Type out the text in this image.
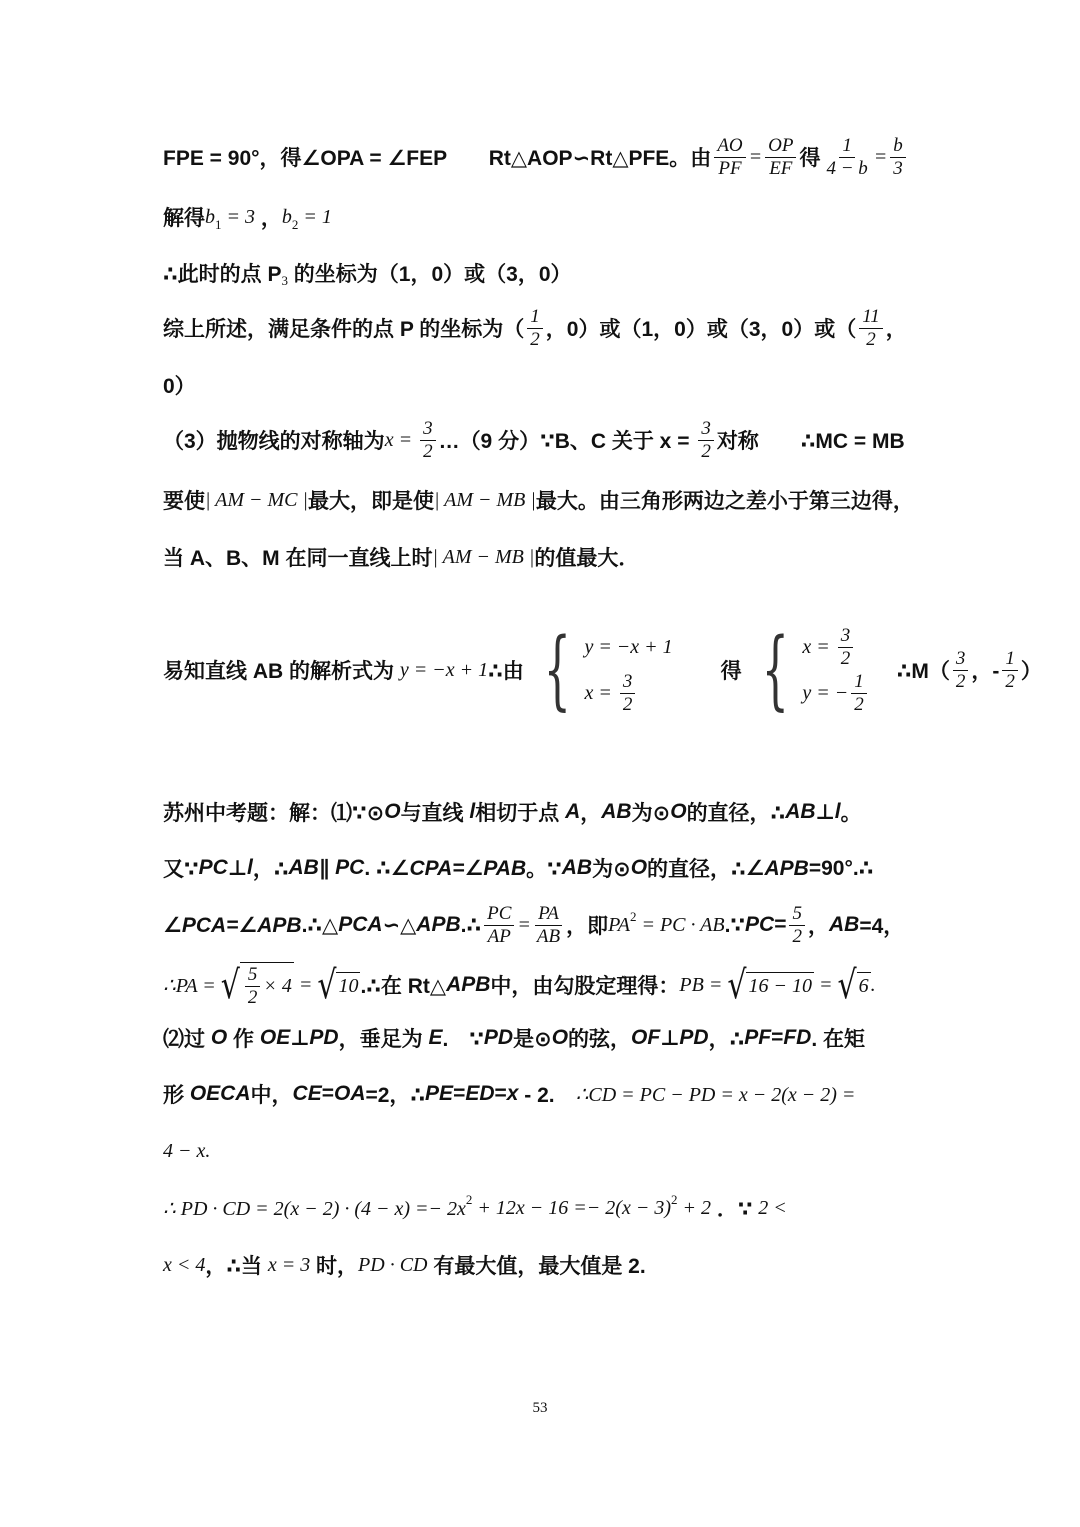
FPE = 90°，得∠OPA = ∠FEP　　Rt△AOP∽Rt△PFE。由 $\frac{AO}{PF} = \frac{OP}{EF}$ 得 $\frac{1}{4 - b} = \frac{b}{3}$
解得 b 1 = 3 ， b 2 = 1
∴此时的点 P 3 的坐标为（1，0）或（3，0）
综上所述，满足条件的点 P 的坐标为（ $\frac{1}{2}$ ，0）或（1，0）或（3，0）或（ $\frac{11}{2}$ ，
0）
（3）抛物线的对称轴为 $x = \frac{3}{2}$ …（9 分）∵B、C 关于 $x = \frac{3}{2}$ 对称　　∴MC = MB
要使 | AM − MC | 最大，即是使 | AM − MB | 最大。由三角形两边之差小于第三边得，
当 A、B、M 在同一直线上时 | AM − MB | 的值最大．
易知直线 AB 的解析式为 y = −x + 1 ∴由 { y = −x + 1
$x = \frac{3}{2}$
　　得 { $x = \frac{3}{2}$
y = − $\frac{1}{2}$
　∴M（ $\frac{3}{2}$ ，- $\frac{1}{2}$ ）
苏州中考题：解：⑴∵⊙ O 与直线 l 相切于点 A ， AB 为⊙ O 的直径，∴ AB ⊥ l 。
又∵ PC ⊥ l ，∴ AB ∥ PC . ∴ ∠CPA=∠PAB 。∵ AB 为⊙ O 的直径，∴ ∠APB =90°.∴
∠PCA=∠APB .∴△ PCA ∽△ APB .∴ $\frac{PC}{AP} = \frac{PA}{AB}$ ，即 PA 2 = PC · AB .∵ PC = $\frac{5}{2}$ ， AB =4，
∴PA = √ $\frac{5}{2} \times 4$ = √ 10 .∴在 Rt△ APB 中，由勾股定理得： PB = √ 16 − 10 = √ 6 .
⑵过 O 作 OE ⊥ PD ，垂足为 E .　∵ PD 是⊙ O 的弦， OF ⊥ PD ，∴ PF = FD . 在矩
形 OECA 中， CE = OA =2，∴ PE = ED = x - 2.　 ∴CD = PC − PD = x − 2(x − 2) =
4 − x.
∴ PD · CD = 2(x − 2) · (4 − x) =− 2x 2 + 12x − 16 =− 2(x − 3) 2 + 2 ．∵ 2 <
x < 4 ，∴当 x = 3 时， PD · CD 有最大值，最大值是 2.
53
